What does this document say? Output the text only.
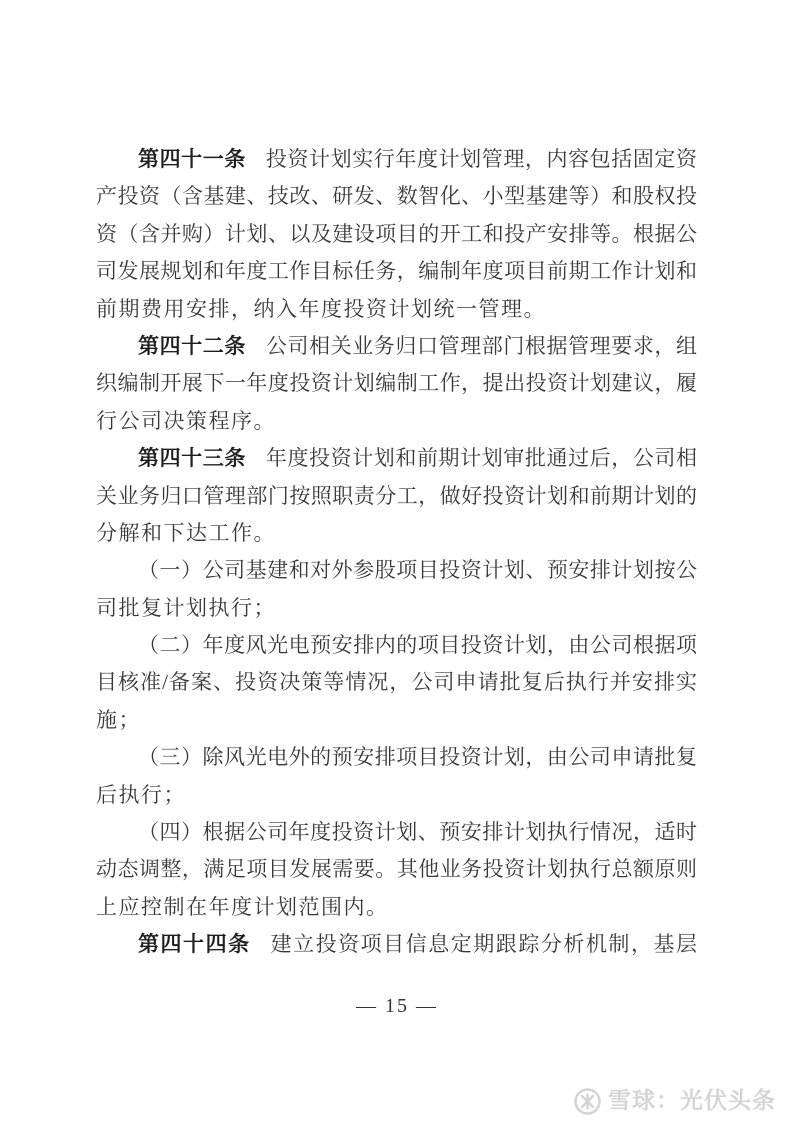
第四十一条 投资计划实行年度计划管理，内容包括固定资
产投资（含基建、技改、研发、数智化、小型基建等）和股权投
资（含并购）计划、以及建设项目的开工和投产安排等。根据公
司发展规划和年度工作目标任务，编制年度项目前期工作计划和
前期费用安排，纳入年度投资计划统一管理。
第四十二条 公司相关业务归口管理部门根据管理要求，组
织编制开展下一年度投资计划编制工作，提出投资计划建议，履
行公司决策程序。
第四十三条 年度投资计划和前期计划审批通过后，公司相
关业务归口管理部门按照职责分工，做好投资计划和前期计划的
分解和下达工作。
（一）公司基建和对外参股项目投资计划、预安排计划按公
司批复计划执行；
（二）年度风光电预安排内的项目投资计划，由公司根据项
目核准/备案、投资决策等情况，公司申请批复后执行并安排实
施；
（三）除风光电外的预安排项目投资计划，由公司申请批复
后执行；
（四）根据公司年度投资计划、预安排计划执行情况，适时
动态调整，满足项目发展需要。其他业务投资计划执行总额原则
上应控制在年度计划范围内。
第四十四条 建立投资项目信息定期跟踪分析机制，基层
— 15 —
雪球：光伏头条
